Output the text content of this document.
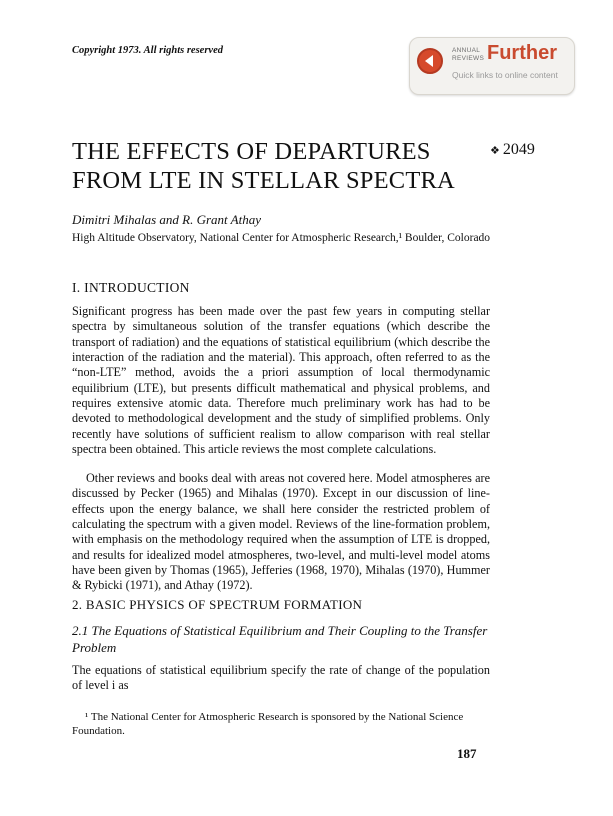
Copyright 1973. All rights reserved	ANNUAL
REVIEWS Further
Quick links to online content
THE EFFECTS OF DEPARTURES FROM LTE IN STELLAR SPECTRA
❖ 2049
Dimitri Mihalas and R. Grant Athay
High Altitude Observatory, National Center for Atmospheric Research,¹ Boulder, Colorado
I. INTRODUCTION

Significant progress has been made over the past few years in computing stellar spectra by simultaneous solution of the transfer equations (which describe the transport of radiation) and the equations of statistical equilibrium (which describe the interaction of the radiation and the material). This approach, often referred to as the “non-LTE” method, avoids the a priori assumption of local thermodynamic equilibrium (LTE), but presents difficult mathematical and physical problems, and requires extensive atomic data. Therefore much preliminary work has had to be devoted to methodological development and the study of simplified problems. Only recently have solutions of sufficient realism to allow comparison with real stellar spectra been obtained. This article reviews the most complete calculations.

Other reviews and books deal with areas not covered here. Model atmospheres are discussed by Pecker (1965) and Mihalas (1970). Except in our discussion of line-effects upon the energy balance, we shall here consider the restricted problem of calculating the spectrum with a given model. Reviews of the line-formation problem, with emphasis on the methodology required when the assumption of LTE is dropped, and results for idealized model atmospheres, two-level, and multi-level model atoms have been given by Thomas (1965), Jefferies (1968, 1970), Mihalas (1970), Hummer & Rybicki (1971), and Athay (1972).

2. BASIC PHYSICS OF SPECTRUM FORMATION
2.1 The Equations of Statistical Equilibrium and Their Coupling to the Transfer Problem

The equations of statistical equilibrium specify the rate of change of the population of level i as

¹ The National Center for Atmospheric Research is sponsored by the National Science Foundation.
187
